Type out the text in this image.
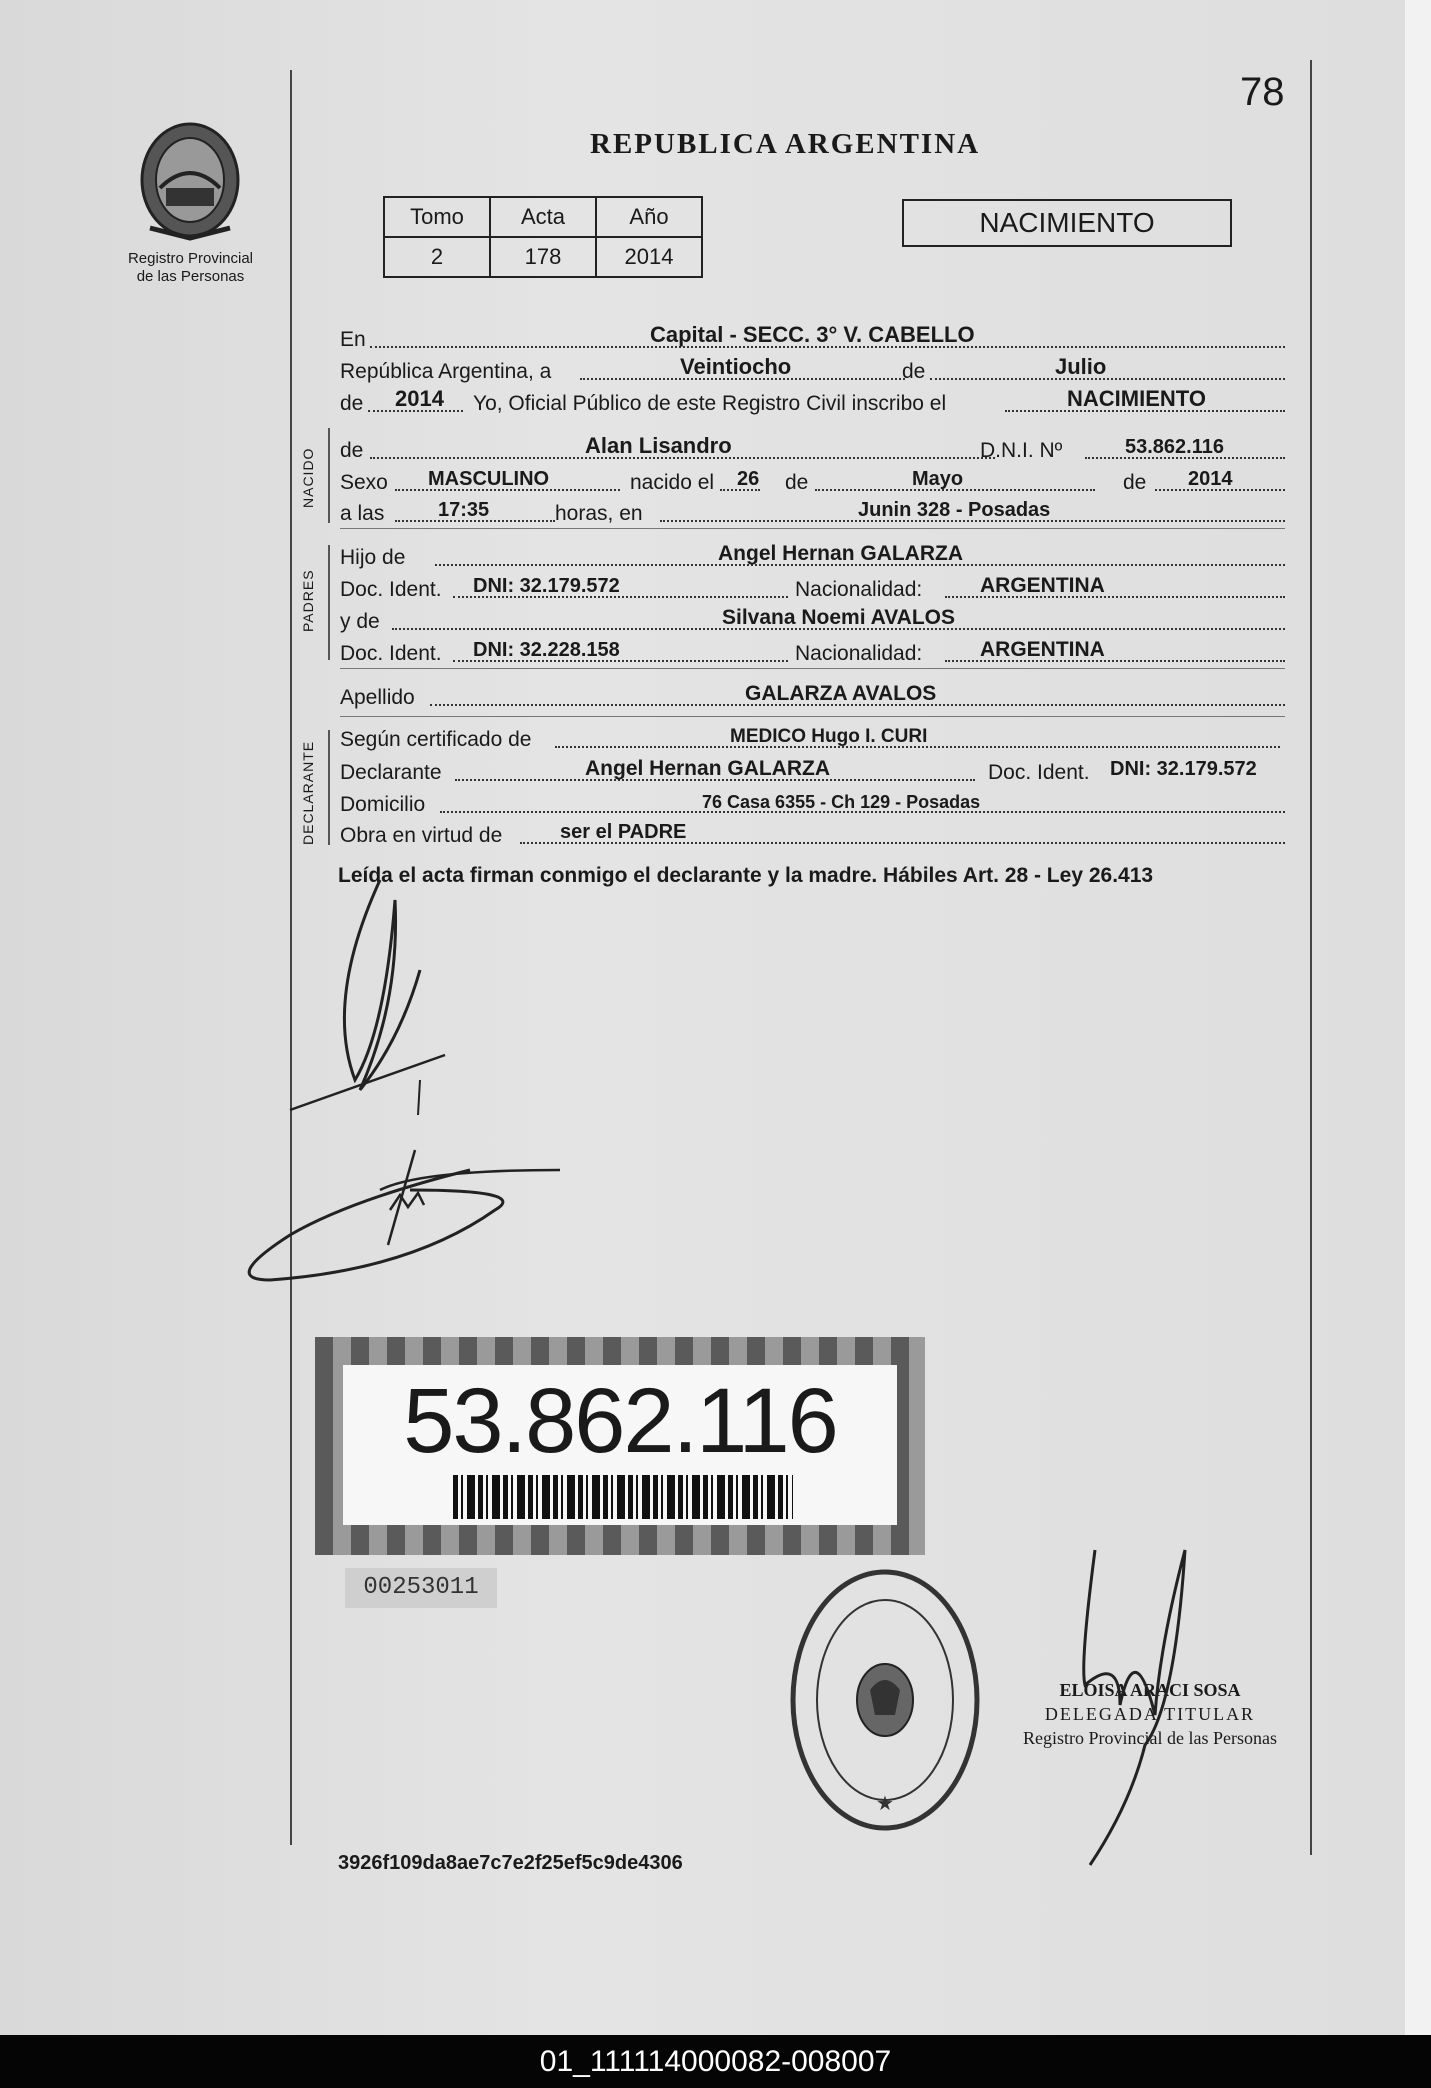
78
Registro Provincial
de las Personas
REPUBLICA ARGENTINA
Tomo	Acta	Año
2	178	2014
NACIMIENTO
En	Capital - SECC. 3° V. CABELLO
República Argentina, a	Veintiocho	de	Julio
de 2014 Yo, Oficial Público de este Registro Civil inscribo el	NACIMIENTO
NACIDO de	Alan Lisandro	D.N.I. Nº	53.862.116
Sexo MASCULINO	nacido el 26 de	Mayo	de 2014
a las	17:35	horas, en	Junin 328 - Posadas
PADRES
Hijo de	Angel Hernan GALARZA
Doc. Ident. DNI: 32.179.572	Nacionalidad:	ARGENTINA
y de	Silvana Noemi AVALOS
Doc. Ident. DNI: 32.228.158	Nacionalidad:	ARGENTINA
Apellido	GALARZA AVALOS
DECLARANTE
Según certificado de	MEDICO Hugo I. CURI
Declarante	Angel Hernan GALARZA	Doc. Ident. DNI: 32.179.572
Domicilio	76 Casa 6355 - Ch 129 - Posadas
Obra en virtud de	ser el PADRE
Leída el acta firman conmigo el declarante y la madre. Hábiles Art. 28 - Ley 26.413
53.862.116
00253011
★
ELOISA ARACI SOSA
DELEGADA TITULAR
Registro Provincial de las Personas
3926f109da8ae7c7e2f25ef5c9de4306
01_111114000082-008007
